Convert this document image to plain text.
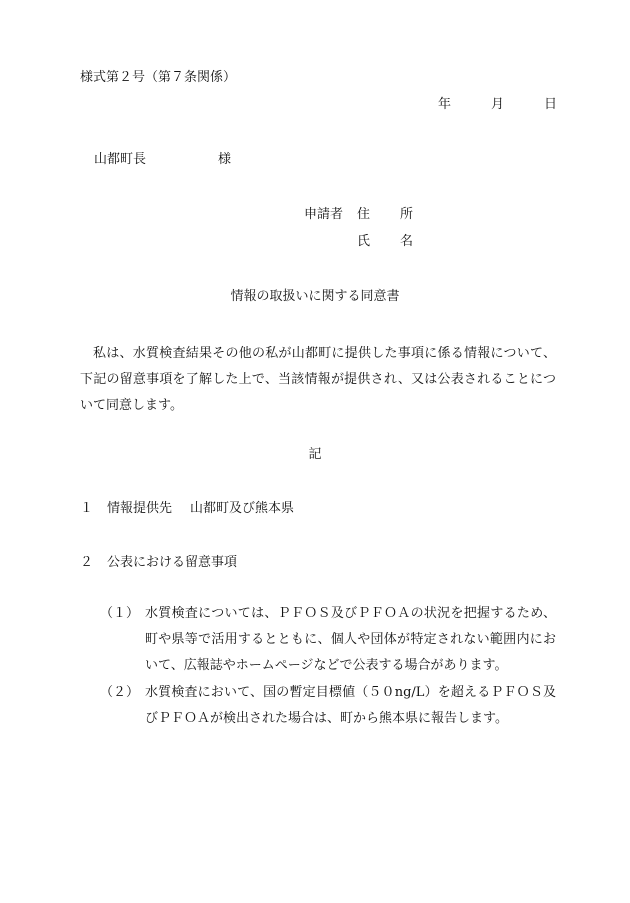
様式第２号（第７条関係）
年	月	日
山都町長	様
申請者 住 所
氏 名
情報の取扱いに関する同意書
私は、水質検査結果その他の私が山都町に提供した事項に係る情報について、下記の留意事項を了解した上で、当該情報が提供され、又は公表されることについて同意します。
記
１ 情報提供先 山都町及び熊本県
２ 公表における留意事項
（１） 水質検査については、ＰＦＯＳ及びＰＦＯＡの状況を把握するため、町や県等で活用するとともに、個人や団体が特定されない範囲内において、広報誌やホームページなどで公表する場合があります。
（２） 水質検査において、国の暫定目標値（５０ng/L）を超えるＰＦＯＳ及びＰＦＯＡが検出された場合は、町から熊本県に報告します。
